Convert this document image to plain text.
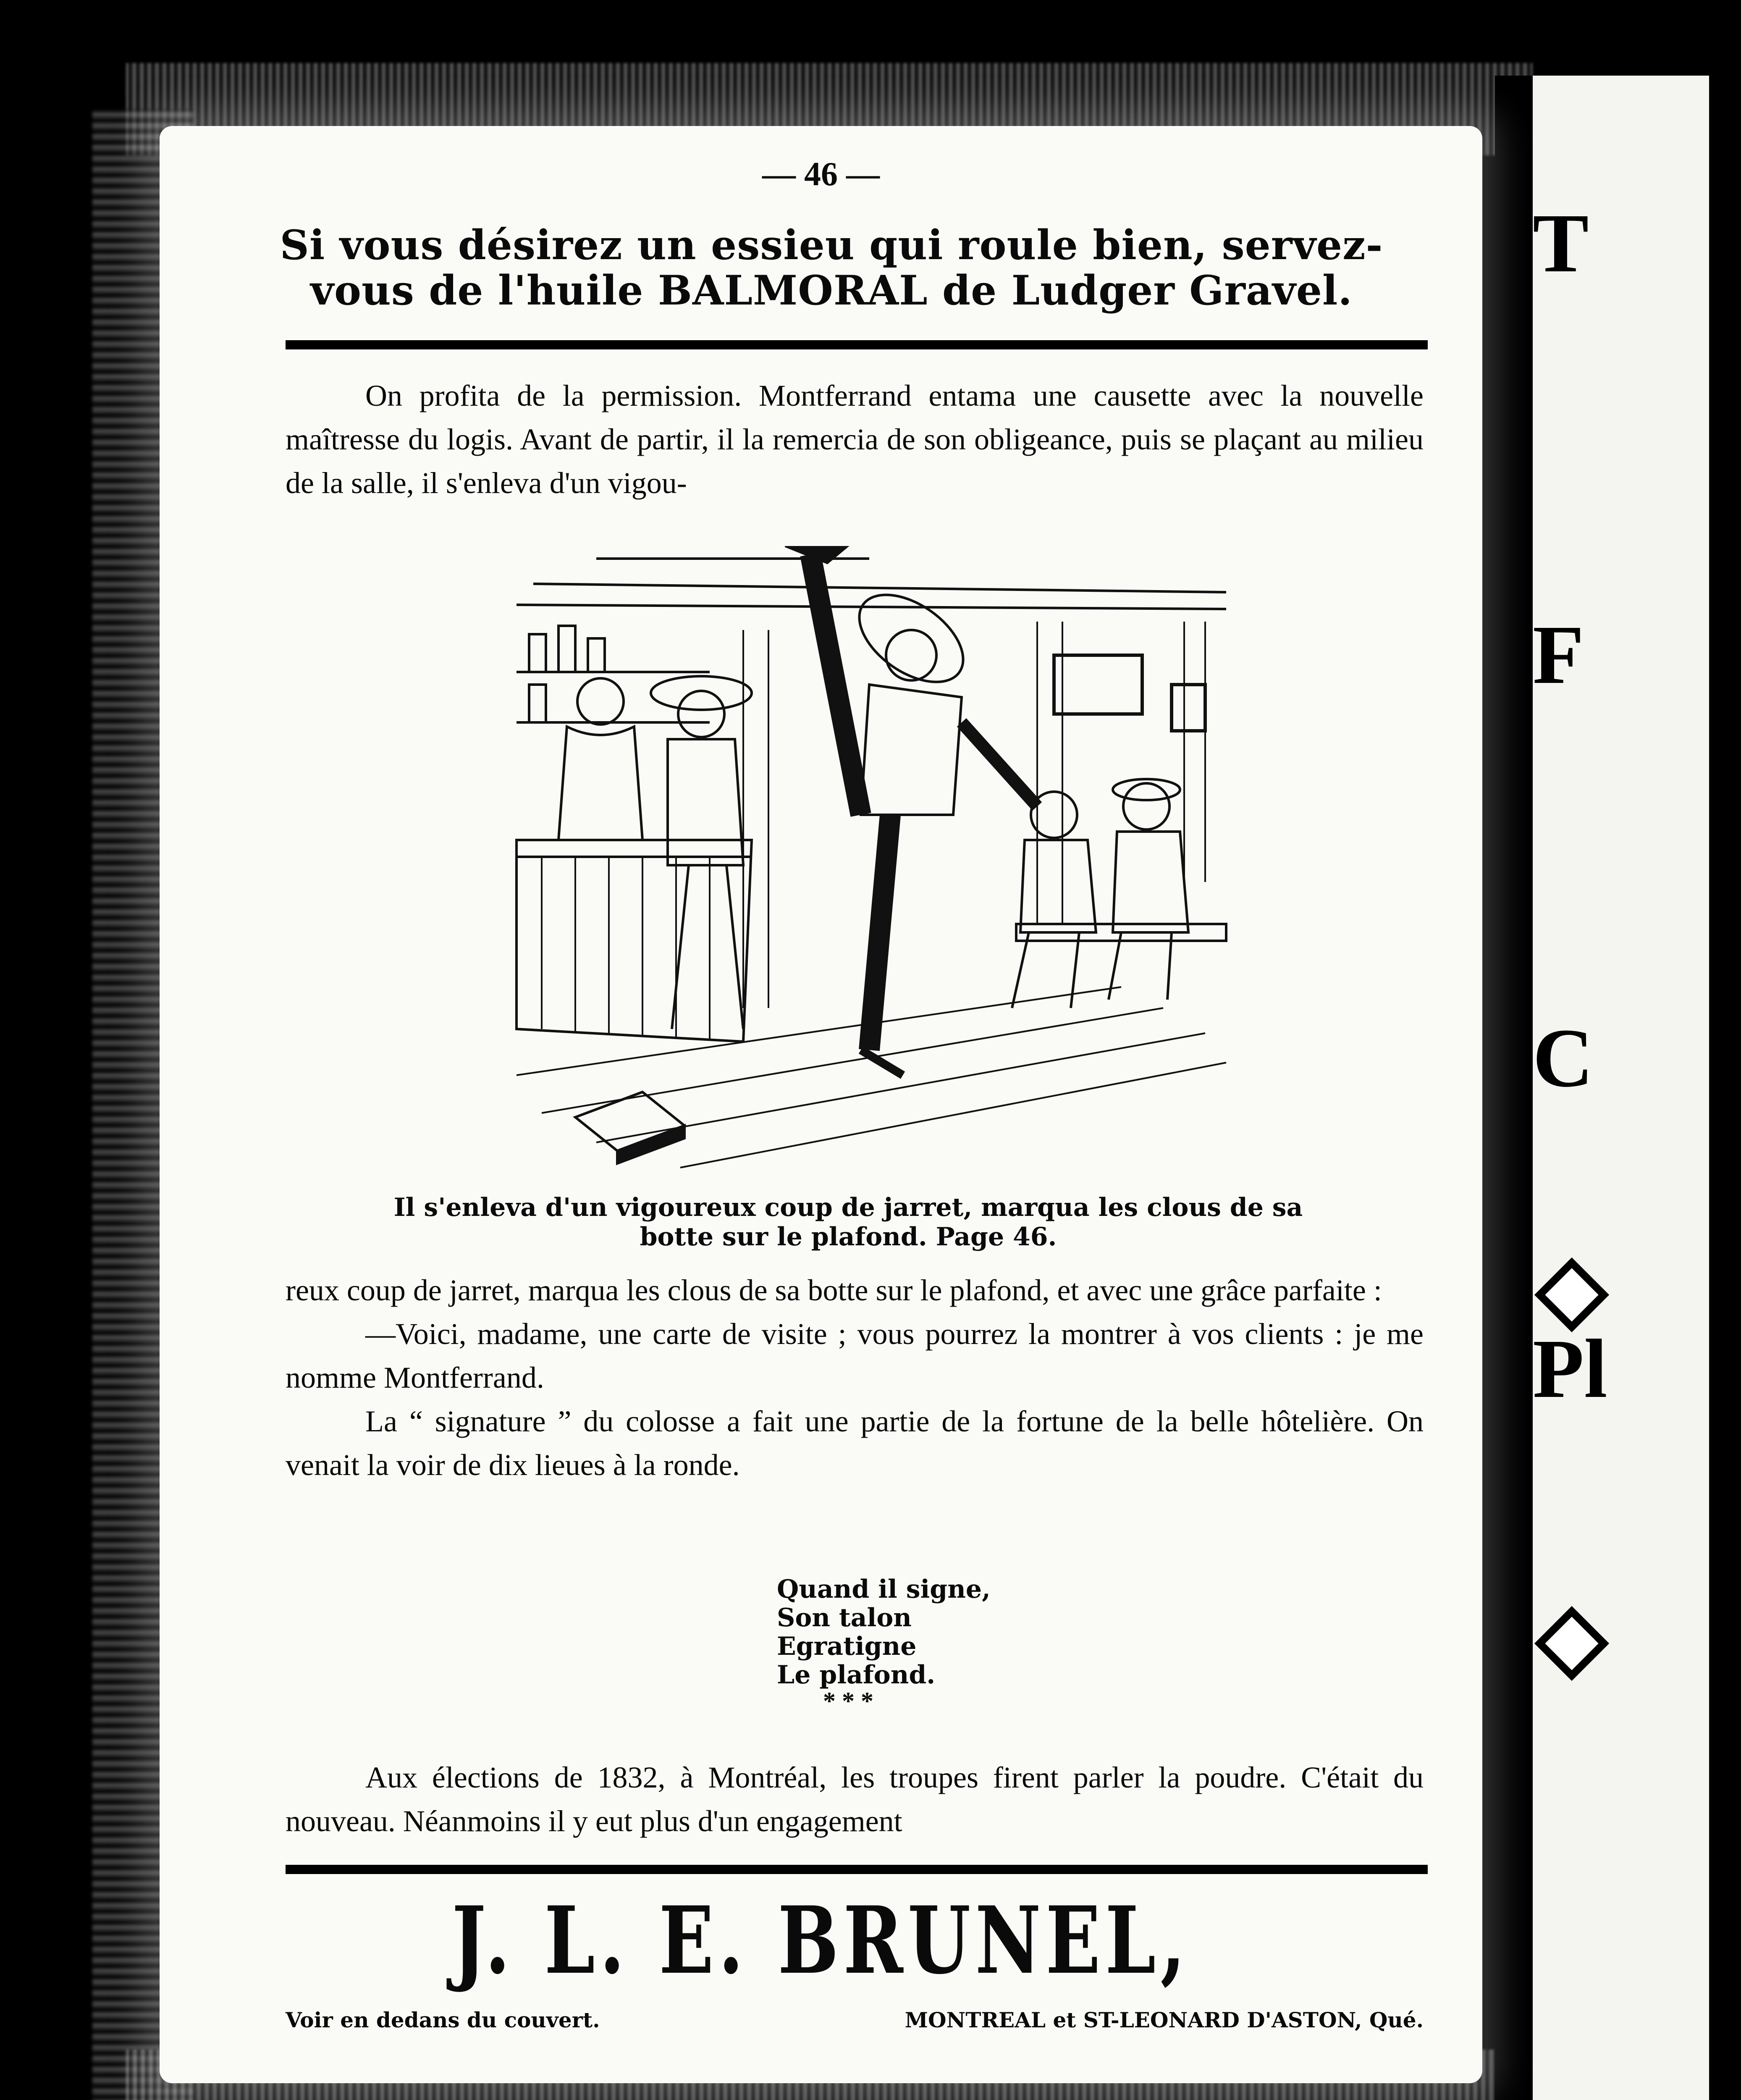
T
F
C
Pl
— 46 —
Si vous désirez un essieu qui roule bien, servez-vous de l'huile BALMORAL de Ludger Gravel.
On profita de la permission. Montferrand entama une causette avec la nouvelle maîtresse du logis. Avant de partir, il la remercia de son obligeance, puis se plaçant au milieu de la salle, il s'enleva d'un vigou-
Il s'enleva d'un vigoureux coup de jarret, marqua les clous de sa
botte sur le plafond. Page 46.

reux coup de jarret, marqua les clous de sa botte sur le plafond, et avec une grâce parfaite :

—Voici, madame, une carte de visite ; vous pourrez la montrer à vos clients : je me nomme Montferrand.

La “ signature ” du colosse a fait une partie de la fortune de la belle hôtelière. On venait la voir de dix lieues à la ronde.

Quand il signe,
Son talon
Egratigne
Le plafond.
* * *
Aux élections de 1832, à Montréal, les troupes firent parler la poudre. C'était du nouveau. Néanmoins il y eut plus d'un engagement
J. L. E. BRUNEL,
Voir en dedans du couvert.	MONTREAL et ST-LEONARD D'ASTON, Qué.
